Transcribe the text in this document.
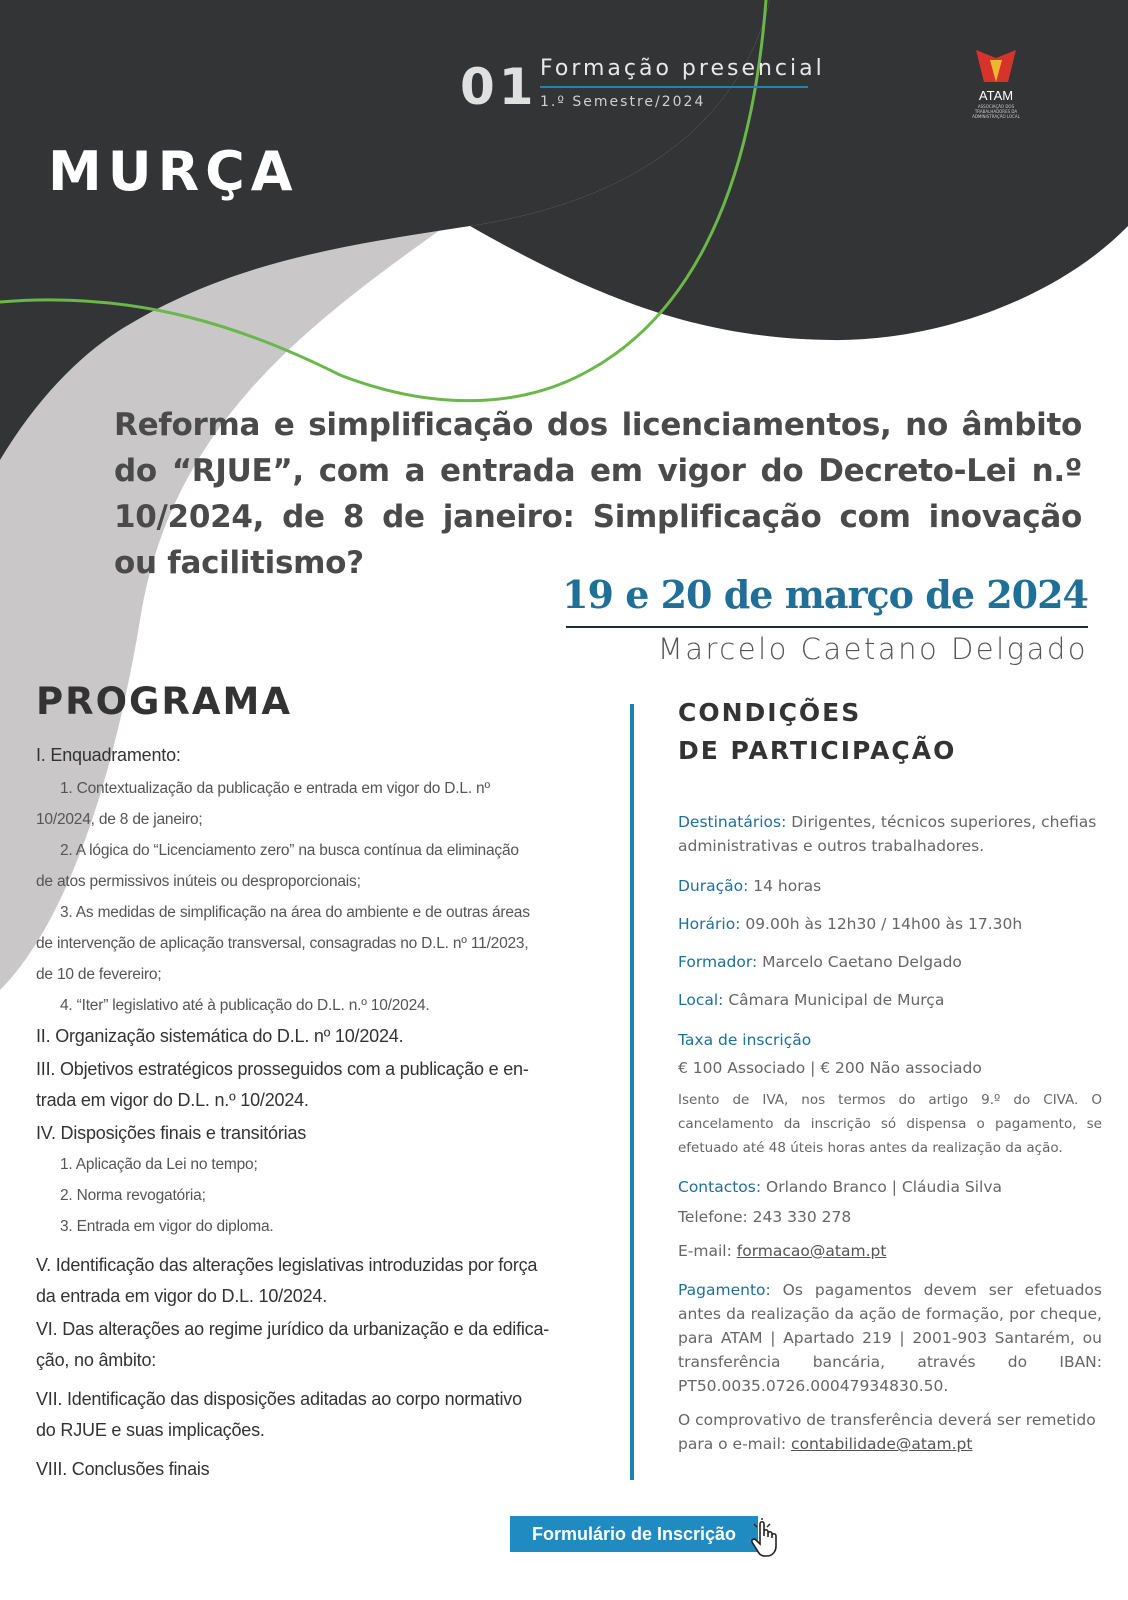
01 Formação presencial
1.º Semestre/2024	ATAM
ASSOCIAÇÃO DOS TRABALHADORES DA ADMINISTRAÇÃO LOCAL
MURÇA
Reforma e simplificação dos licenciamentos, no âmbito do “RJUE”, com a entrada em vigor do Decreto-Lei n.º 10/2024, de 8 de janeiro: Simplificação com inovação ou facilitismo?
19 e 20 de março de 2024
Marcelo Caetano Delgado
PROGRAMA
I. Enquadramento:
1. Contextualização da publicação e entrada em vigor do D.L. nº
10/2024, de 8 de janeiro;
2. A lógica do “Licenciamento zero” na busca contínua da eliminação
de atos permissivos inúteis ou desproporcionais;
3. As medidas de simplificação na área do ambiente e de outras áreas
de intervenção de aplicação transversal, consagradas no D.L. nº 11/2023,
de 10 de fevereiro;
4. “Iter” legislativo até à publicação do D.L. n.º 10/2024.
II. Organização sistemática do D.L. nº 10/2024.
III. Objetivos estratégicos prosseguidos com a publicação e en-
trada em vigor do D.L. n.º 10/2024.
IV. Disposições finais e transitórias
1. Aplicação da Lei no tempo;
2. Norma revogatória;
3. Entrada em vigor do diploma.
V. Identificação das alterações legislativas introduzidas por força
da entrada em vigor do D.L. 10/2024.
VI. Das alterações ao regime jurídico da urbanização e da edifica-
ção, no âmbito:
VII. Identificação das disposições aditadas ao corpo normativo
do RJUE e suas implicações.
VIII. Conclusões finais
CONDIÇÕES
DE PARTICIPAÇÃO

Destinatários: Dirigentes, técnicos superiores, chefias administrativas e outros trabalhadores.

Duração: 14 horas

Horário: 09.00h às 12h30 / 14h00 às 17.30h

Formador: Marcelo Caetano Delgado

Local: Câmara Municipal de Murça

Taxa de inscrição

€ 100 Associado | € 200 Não associado

Isento de IVA, nos termos do artigo 9.º do CIVA. O cancelamento da inscrição só dispensa o pagamento, se efetuado até 48 úteis horas antes da realização da ação.

Contactos: Orlando Branco | Cláudia Silva

Telefone: 243 330 278

E-mail: formacao@atam.pt

Pagamento: Os pagamentos devem ser efetuados antes da realização da ação de formação, por cheque, para ATAM | Apartado 219 | 2001-903 Santarém, ou transferência bancária, através do IBAN: PT50.0035.0726.00047934830.50.

O comprovativo de transferência deverá ser remetido para o e-mail: contabilidade@atam.pt

Formulário de Inscrição
